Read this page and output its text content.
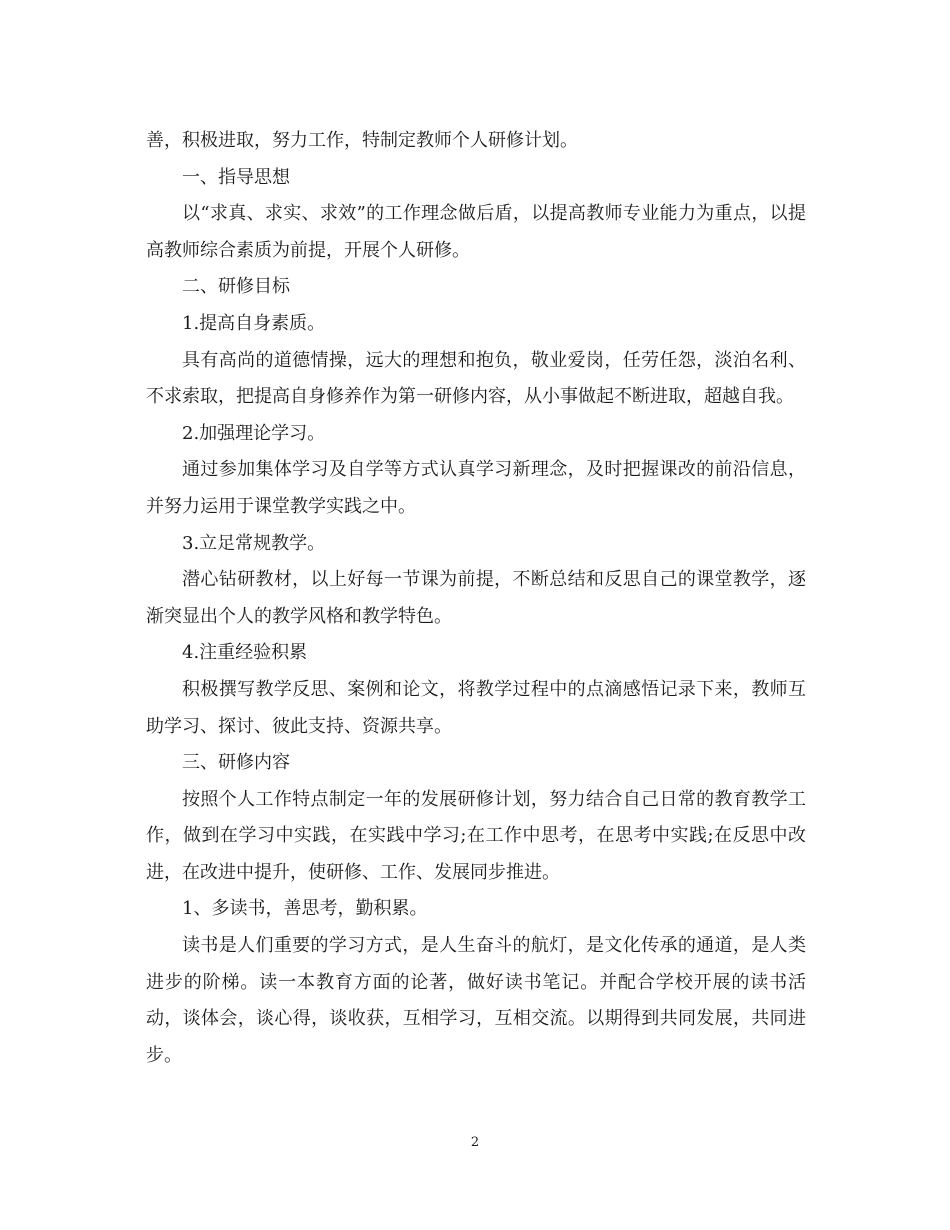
善，积极进取，努力工作，特制定教师个人研修计划。

一、指导思想

以“求真、求实、求效”的工作理念做后盾，以提高教师专业能力为重点，以提高教师综合素质为前提，开展个人研修。

二、研修目标

1.提高自身素质。

具有高尚的道德情操，远大的理想和抱负，敬业爱岗，任劳任怨，淡泊名利、不求索取，把提高自身修养作为第一研修内容，从小事做起不断进取，超越自我。

2.加强理论学习。

通过参加集体学习及自学等方式认真学习新理念，及时把握课改的前沿信息，并努力运用于课堂教学实践之中。

3.立足常规教学。

潜心钻研教材，以上好每一节课为前提，不断总结和反思自己的课堂教学，逐渐突显出个人的教学风格和教学特色。

4.注重经验积累

积极撰写教学反思、案例和论文，将教学过程中的点滴感悟记录下来，教师互助学习、探讨、彼此支持、资源共享。

三、研修内容

按照个人工作特点制定一年的发展研修计划，努力结合自己日常的教育教学工作，做到在学习中实践，在实践中学习;在工作中思考，在思考中实践;在反思中改进，在改进中提升，使研修、工作、发展同步推进。

1、多读书，善思考，勤积累。

读书是人们重要的学习方式，是人生奋斗的航灯，是文化传承的通道，是人类进步的阶梯。读一本教育方面的论著，做好读书笔记。并配合学校开展的读书活动，谈体会，谈心得，谈收获，互相学习，互相交流。以期得到共同发展，共同进步。

2
